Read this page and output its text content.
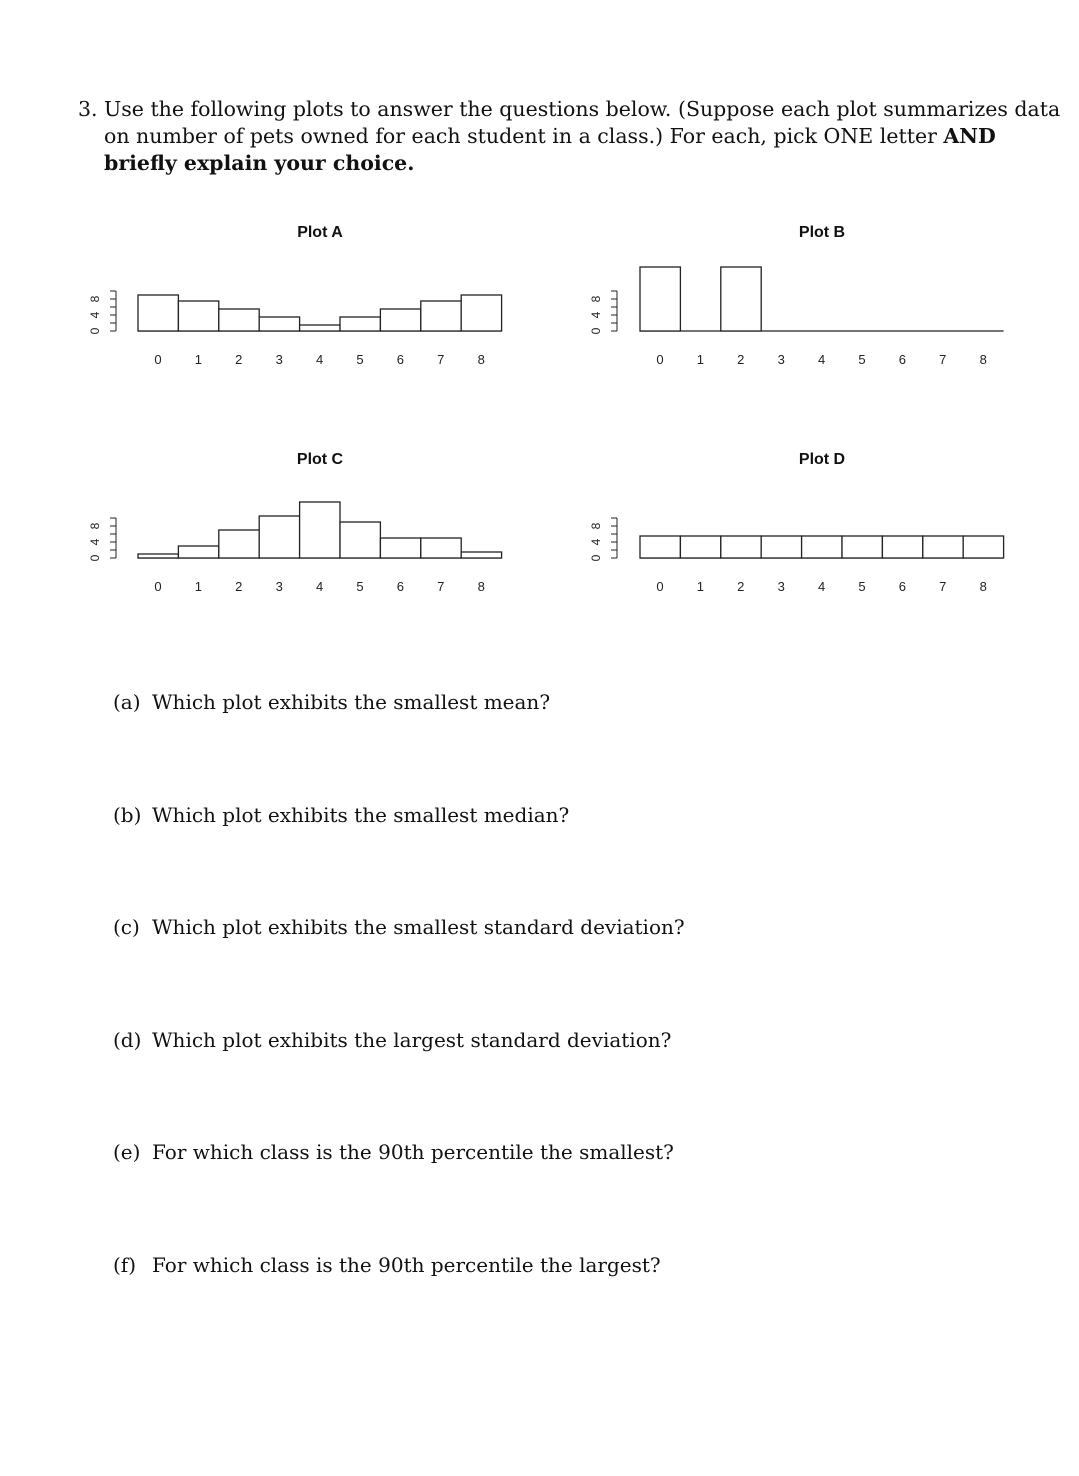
3. Use the following plots to answer the questions below. (Suppose each plot summarizes data
on number of pets owned for each student in a class.) For each, pick ONE letter AND
briefly explain your choice.
Plot A
0	1	2	3	4	5	6	7	8
0
4
8
Plot B
0	1	2	3	4	5	6	7	8
0
4
8
Plot C
0	1	2	3	4	5	6	7	8
0
4
8
Plot D
0	1	2	3	4	5	6	7	8
0
4
8
(a) Which plot exhibits the smallest mean?
(b) Which plot exhibits the smallest median?
(c) Which plot exhibits the smallest standard deviation?
(d) Which plot exhibits the largest standard deviation?
(e) For which class is the 90th percentile the smallest?
(f) For which class is the 90th percentile the largest?
